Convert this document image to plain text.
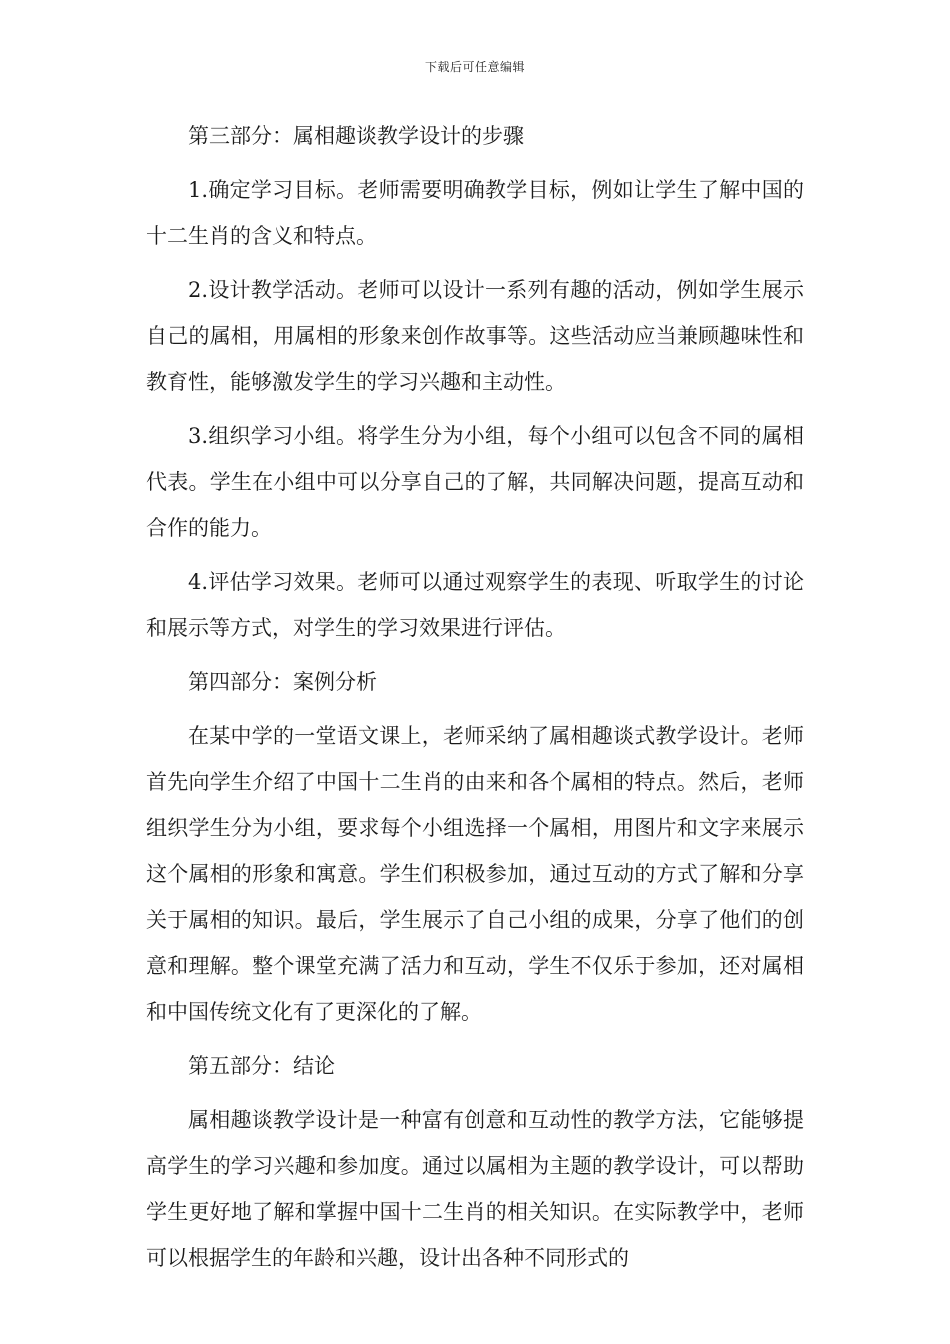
下载后可任意编辑

第三部分：属相趣谈教学设计的步骤

1.确定学习目标。老师需要明确教学目标，例如让学生了解中国的十二生肖的含义和特点。

2.设计教学活动。老师可以设计一系列有趣的活动，例如学生展示自己的属相，用属相的形象来创作故事等。这些活动应当兼顾趣味性和教育性，能够激发学生的学习兴趣和主动性。

3.组织学习小组。将学生分为小组，每个小组可以包含不同的属相代表。学生在小组中可以分享自己的了解，共同解决问题，提高互动和合作的能力。

4.评估学习效果。老师可以通过观察学生的表现、听取学生的讨论和展示等方式，对学生的学习效果进行评估。

第四部分：案例分析

在某中学的一堂语文课上，老师采纳了属相趣谈式教学设计。老师首先向学生介绍了中国十二生肖的由来和各个属相的特点。然后，老师组织学生分为小组，要求每个小组选择一个属相，用图片和文字来展示这个属相的形象和寓意。学生们积极参加，通过互动的方式了解和分享关于属相的知识。最后，学生展示了自己小组的成果，分享了他们的创意和理解。整个课堂充满了活力和互动，学生不仅乐于参加，还对属相和中国传统文化有了更深化的了解。

第五部分：结论

属相趣谈教学设计是一种富有创意和互动性的教学方法，它能够提高学生的学习兴趣和参加度。通过以属相为主题的教学设计，可以帮助学生更好地了解和掌握中国十二生肖的相关知识。在实际教学中，老师可以根据学生的年龄和兴趣，设计出各种不同形式的
